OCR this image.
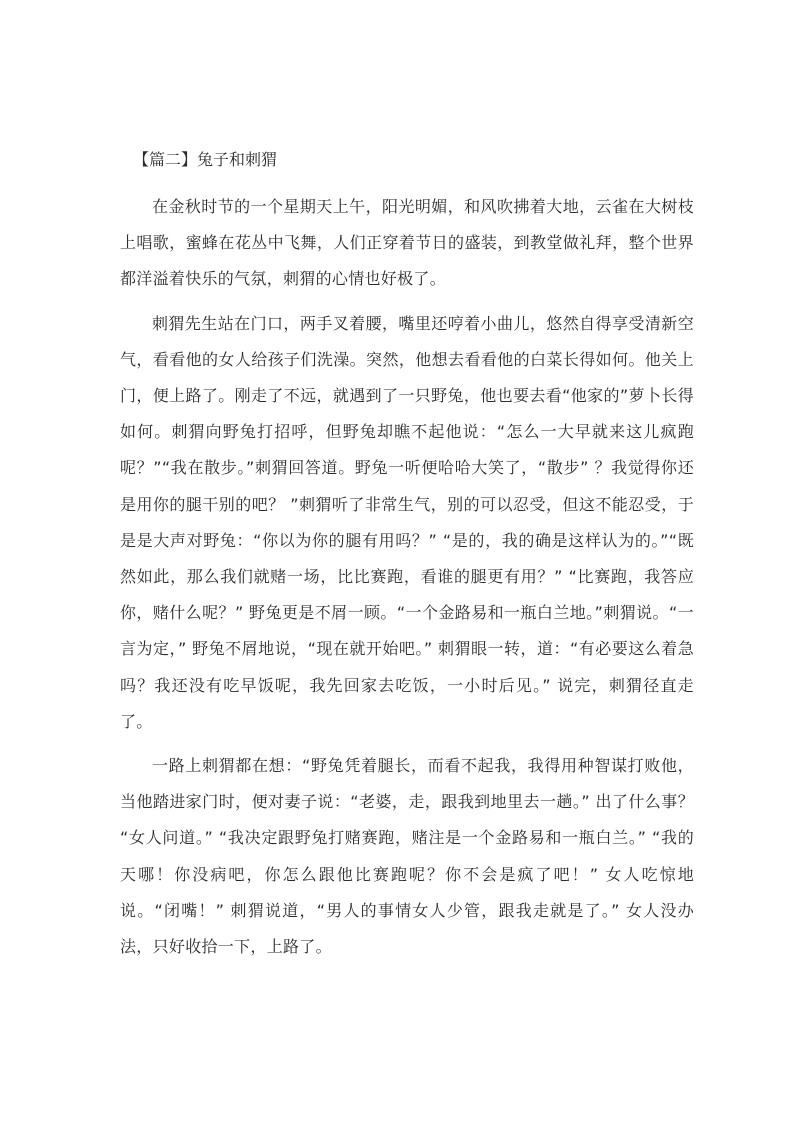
【篇二】兔子和刺猬

在金秋时节的一个星期天上午，阳光明媚，和风吹拂着大地，云雀在大树枝上唱歌，蜜蜂在花丛中飞舞，人们正穿着节日的盛装，到教堂做礼拜，整个世界都洋溢着快乐的气氛，刺猬的心情也好极了。

刺猬先生站在门口，两手叉着腰，嘴里还哼着小曲儿，悠然自得享受清新空气，看看他的女人给孩子们洗澡。突然，他想去看看他的白菜长得如何。他关上门，便上路了。刚走了不远，就遇到了一只野兔，他也要去看“他家的”萝卜长得如何。刺猬向野兔打招呼，但野兔却瞧不起他说：“怎么一大早就来这儿疯跑呢？”“我在散步。”刺猬回答道。野兔一听便哈哈大笑了，“散步” ？我觉得你还是用你的腿干别的吧？ ”刺猬听了非常生气，别的可以忍受，但这不能忍受，于是是大声对野兔：“你以为你的腿有用吗？” “是的，我的确是这样认为的。”“既然如此，那么我们就赌一场，比比赛跑，看谁的腿更有用？” “比赛跑，我答应你，赌什么呢？” 野兔更是不屑一顾。“一个金路易和一瓶白兰地。”刺猬说。“一言为定，” 野兔不屑地说，“现在就开始吧。” 刺猬眼一转，道：“有必要这么着急吗？我还没有吃早饭呢，我先回家去吃饭，一小时后见。” 说完，刺猬径直走了。

一路上刺猬都在想：“野兔凭着腿长，而看不起我，我得用种智谋打败他，当他踏进家门时，便对妻子说：“老婆，走，跟我到地里去一趟。” 出了什么事？ “女人问道。” “我决定跟野兔打赌赛跑，赌注是一个金路易和一瓶白兰。” “我的天哪！你没病吧，你怎么跟他比赛跑呢？你不会是疯了吧！” 女人吃惊地说。“闭嘴！” 刺猬说道，“男人的事情女人少管，跟我走就是了。” 女人没办法，只好收拾一下，上路了。
